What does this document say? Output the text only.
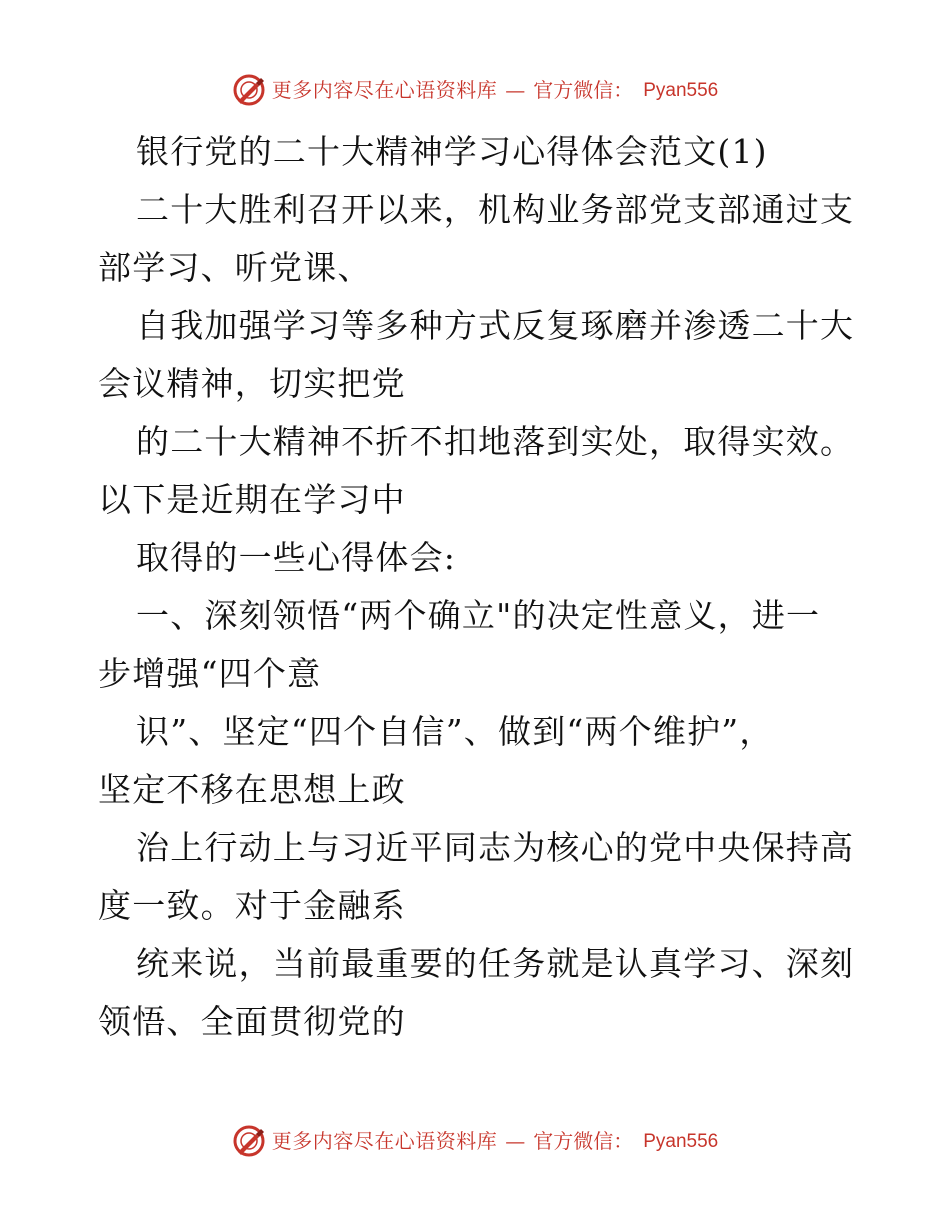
更多内容尽在心语资料库 — 官方微信： Pyan556

银行党的二十大精神学习心得体会范文(1)

二十大胜利召开以来，机构业务部党支部通过支

部学习、听党课、

自我加强学习等多种方式反复琢磨并渗透二十大

会议精神，切实把党

的二十大精神不折不扣地落到实处，取得实效。

以下是近期在学习中

取得的一些心得体会:

一、深刻领悟“两个确立"的决定性意义，进一

步增强“四个意

识”、坚定“四个自信”、做到“两个维护”，

坚定不移在思想上政

治上行动上与习近平同志为核心的党中央保持高

度一致。对于金融系

统来说，当前最重要的任务就是认真学习、深刻

领悟、全面贯彻党的

更多内容尽在心语资料库 — 官方微信： Pyan556
